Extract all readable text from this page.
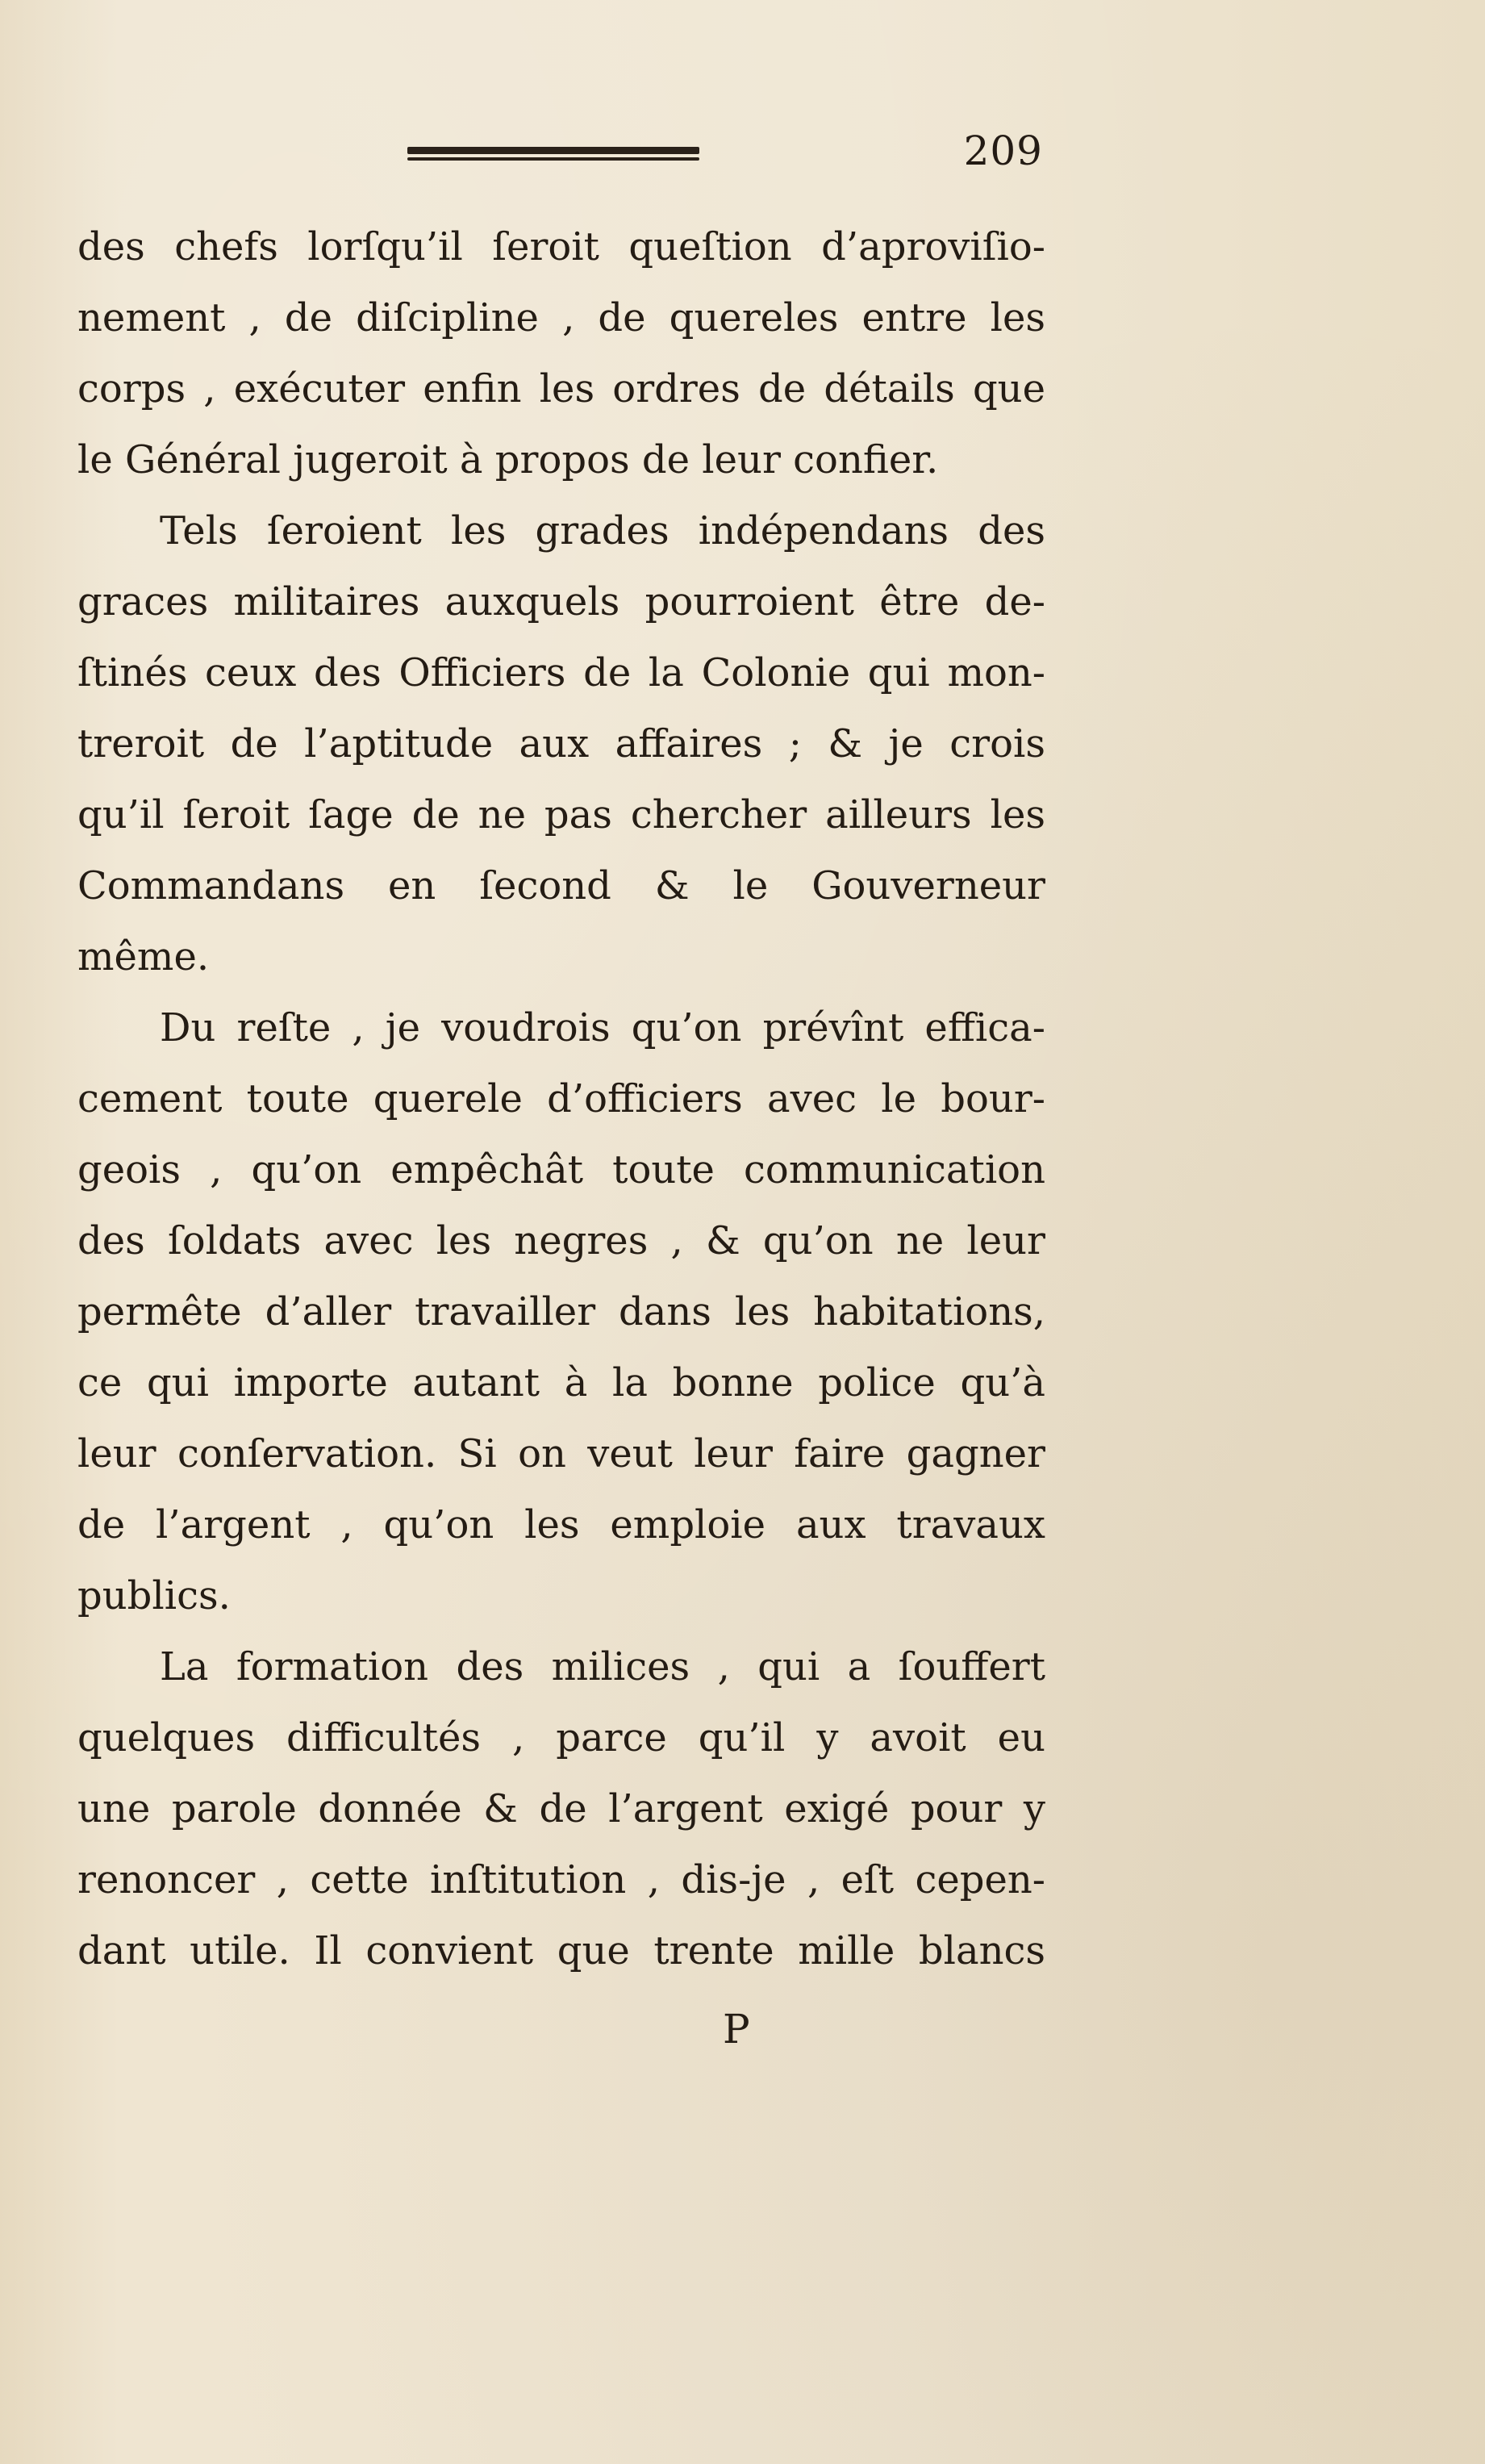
209
des chefs lorſqu’il ſeroit queſtion d’aproviſio-
nement , de diſcipline , de quereles entre les
corps , exécuter enfin les ordres de détails que
le Général jugeroit à propos de leur confier.
Tels ſeroient les grades indépendans des
graces militaires auxquels pourroient être de-
ſtinés ceux des Officiers de la Colonie qui mon-
treroit de l’aptitude aux affaires ; & je crois
qu’il ſeroit ſage de ne pas chercher ailleurs les
Commandans en ſecond & le Gouverneur
même.
Du reſte , je voudrois qu’on prévînt effica-
cement toute querele d’officiers avec le bour-
geois , qu’on empêchât toute communication
des ſoldats avec les negres , & qu’on ne leur
permête d’aller travailler dans les habitations,
ce qui importe autant à la bonne police qu’à
leur conſervation. Si on veut leur faire gagner
de l’argent , qu’on les emploie aux travaux
publics.
La formation des milices , qui a ſouffert
quelques difficultés , parce qu’il y avoit eu
une parole donnée & de l’argent exigé pour y
renoncer , cette inſtitution , dis-je , eſt cepen-
dant utile. Il convient que trente mille blancs
P
